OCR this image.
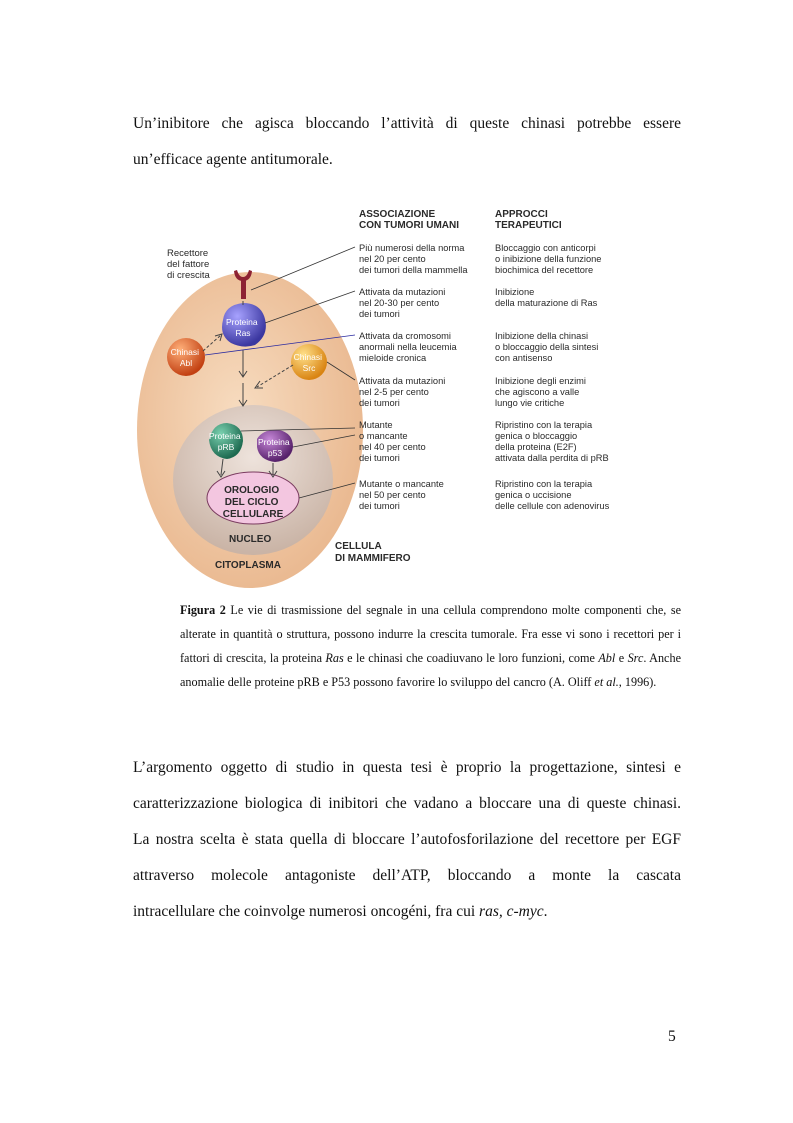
Un’inibitore che agisca bloccando l’attività di queste chinasi potrebbe essere
un’efficace agente antitumorale.
Recettore del fattore di crescita
Proteina Ras
Chinasi Abl
Chinasi Src
Proteina pRB	Proteina p53
OROLOGIO DEL CICLO CELLULARE
NUCLEO
CITOPLASMA
CELLULA DI MAMMIFERO
ASSOCIAZIONE CON TUMORI UMANI
APPROCCI TERAPEUTICI
Più numerosi della norma nel 20 per cento dei tumori della mammella
Attivata da mutazioni nel 20-30 per cento dei tumori
Attivata da cromosomi anormali nella leucemia mieloide cronica
Attivata da mutazioni nel 2-5 per cento dei tumori
Mutante o mancante nel 40 per cento dei tumori
Mutante o mancante nel 50 per cento dei tumori
Bloccaggio con anticorpi o inibizione della funzione biochimica del recettore
Inibizione della maturazione di Ras
Inibizione della chinasi o bloccaggio della sintesi con antisenso
Inibizione degli enzimi che agiscono a valle lungo vie critiche
Ripristino con la terapia genica o bloccaggio della proteina (E2F) attivata dalla perdita di pRB
Ripristino con la terapia genica o uccisione delle cellule con adenovirus
Figura 2 Le vie di trasmissione del segnale in una cellula comprendono molte componenti che, se alterate in quantità o struttura, possono indurre la crescita tumorale. Fra esse vi sono i recettori per i fattori di crescita, la proteina Ras e le chinasi che coadiuvano le loro funzioni, come Abl e Src. Anche anomalie delle proteine pRB e P53 possono favorire lo sviluppo del cancro (A. Oliff et al., 1996).
L’argomento oggetto di studio in questa tesi è proprio la progettazione, sintesi e
caratterizzazione biologica di inibitori che vadano a bloccare una di queste chinasi.
La nostra scelta è stata quella di bloccare l’autofosforilazione del recettore per EGF
attraverso molecole antagoniste dell’ATP, bloccando a monte la cascata
intracellulare che coinvolge numerosi oncogéni, fra cui ras, c-myc.
5
